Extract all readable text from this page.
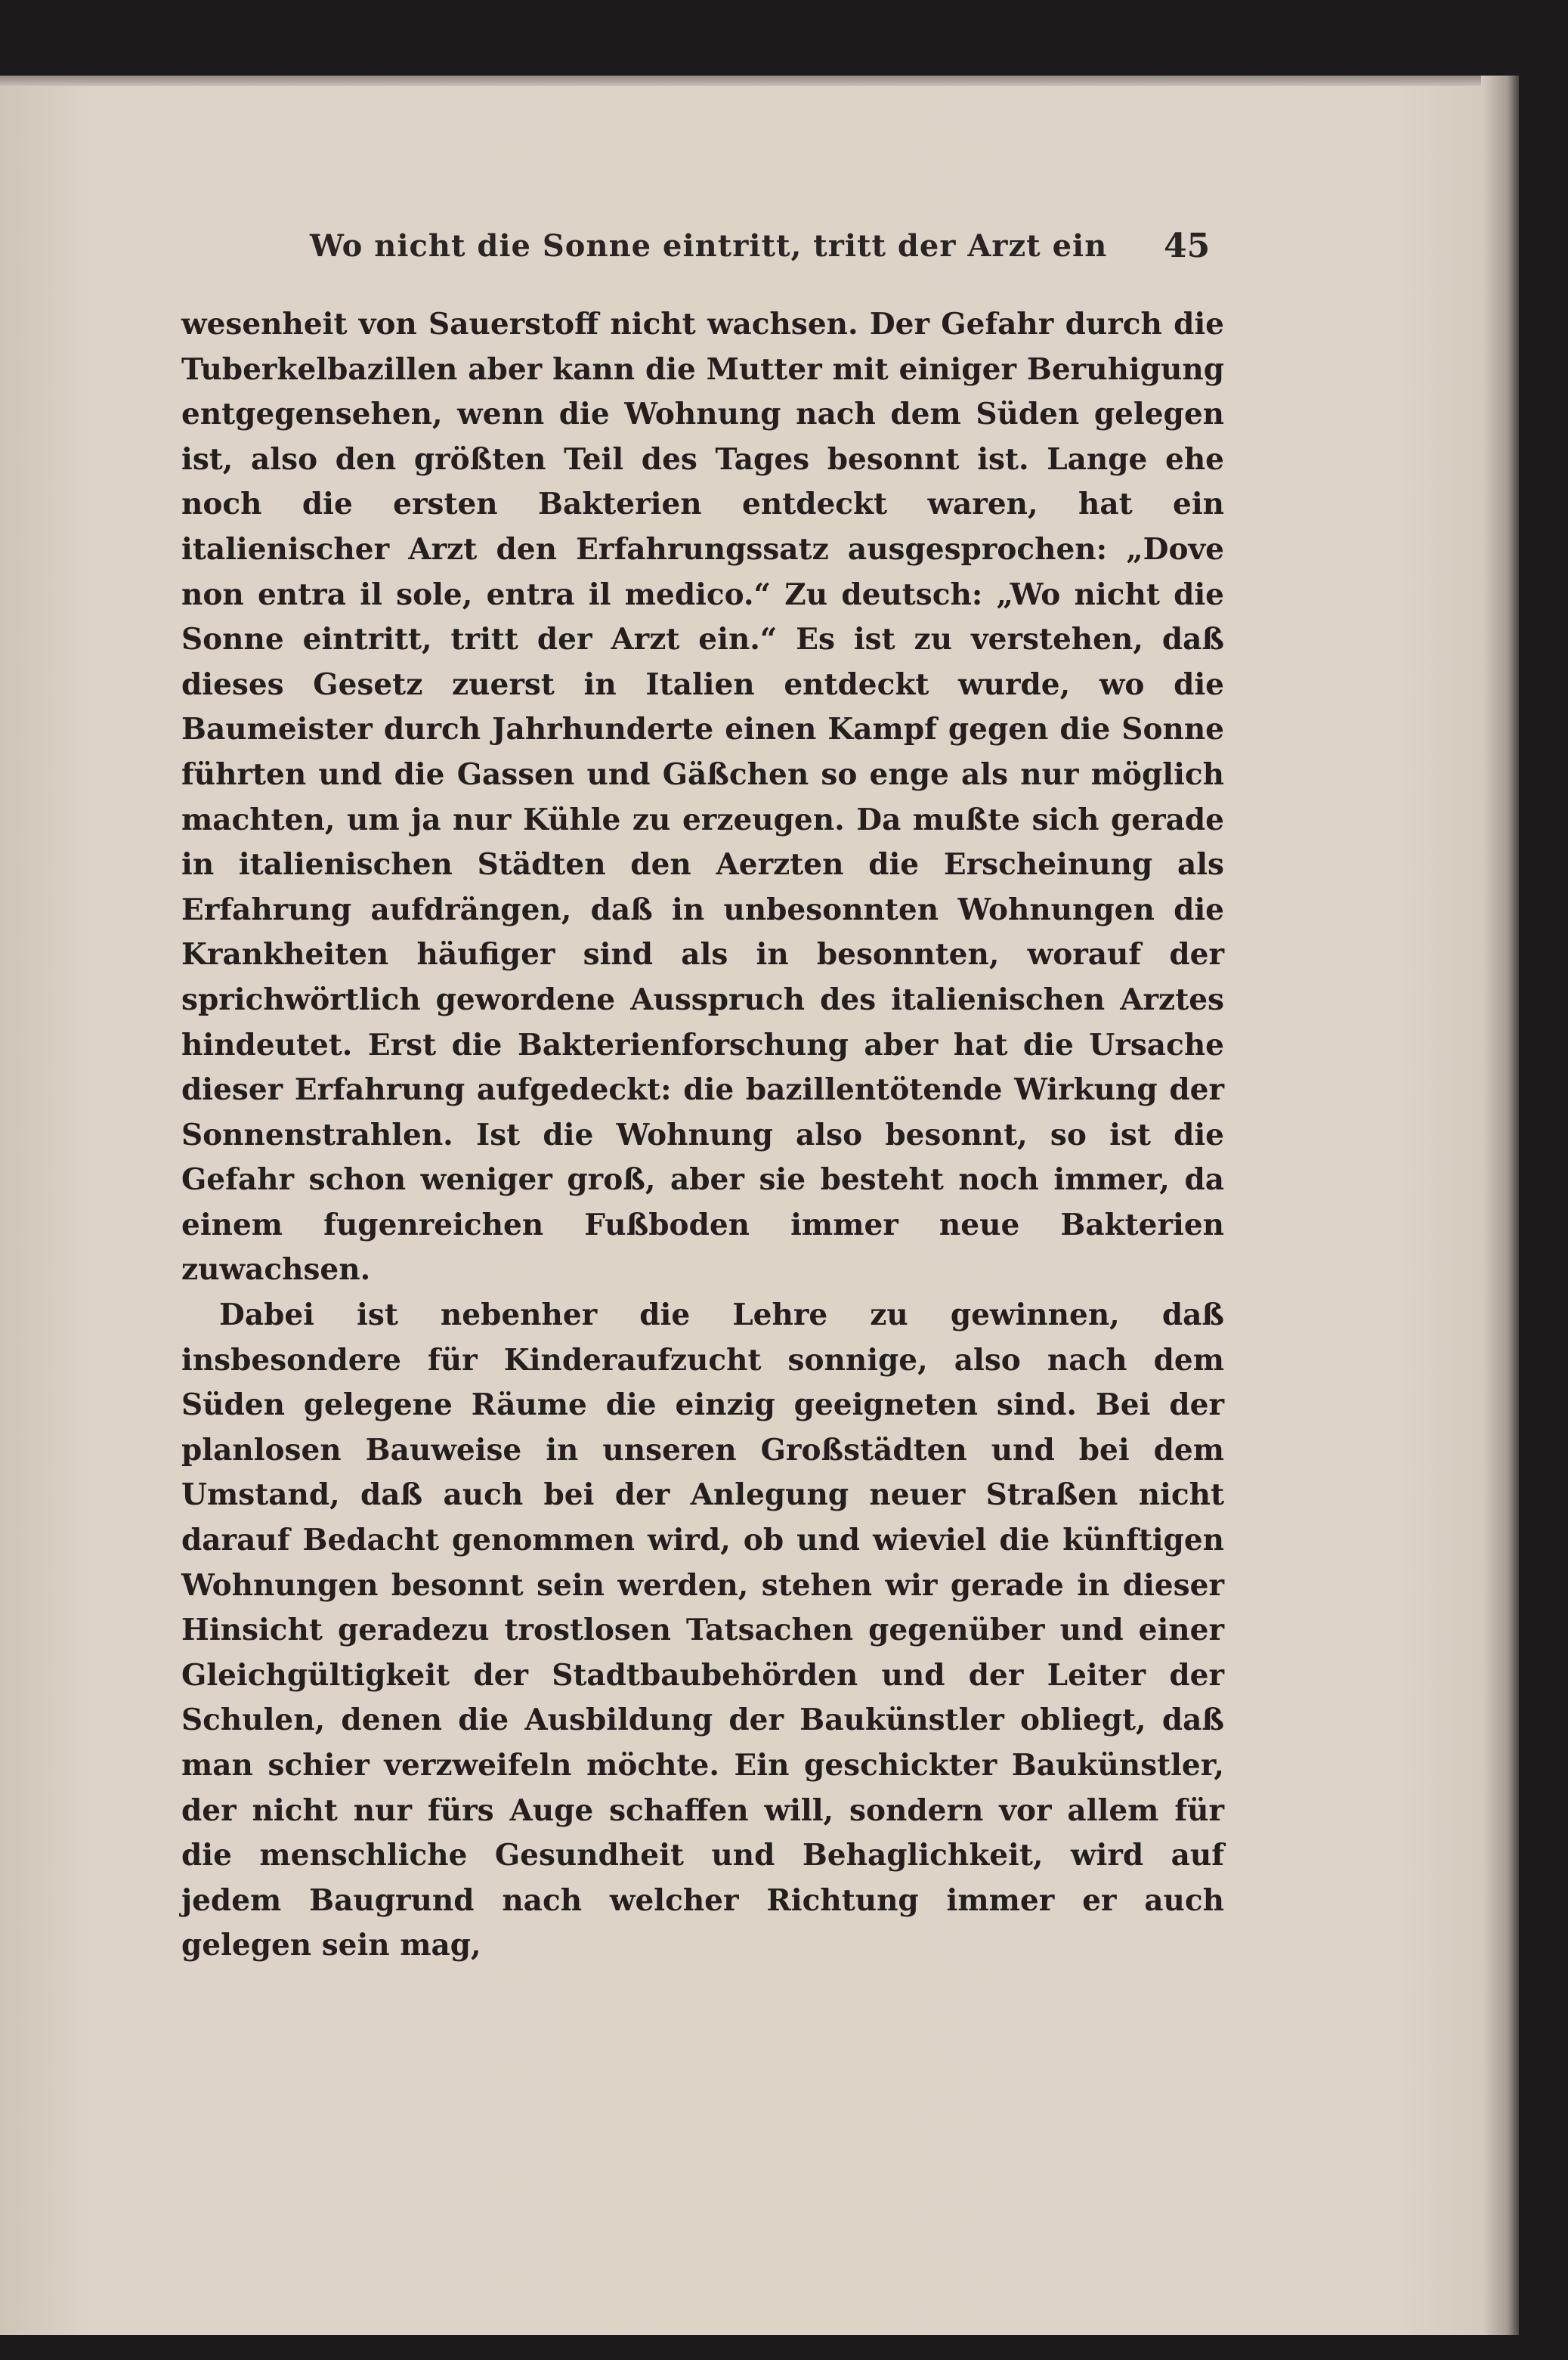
Wo nicht die Sonne eintritt, tritt der Arzt ein 45

wesenheit von Sauerstoff nicht wachsen. Der Gefahr durch die Tuberkelbazillen aber kann die Mutter mit einiger Beruhigung entgegensehen, wenn die Wohnung nach dem Süden gelegen ist, also den größten Teil des Tages besonnt ist. Lange ehe noch die ersten Bakterien entdeckt waren, hat ein italienischer Arzt den Erfahrungssatz ausgesprochen: „Dove non entra il sole, entra il medico.“ Zu deutsch: „Wo nicht die Sonne eintritt, tritt der Arzt ein.“ Es ist zu verstehen, daß dieses Gesetz zuerst in Italien entdeckt wurde, wo die Baumeister durch Jahrhunderte einen Kampf gegen die Sonne führten und die Gassen und Gäßchen so enge als nur möglich machten, um ja nur Kühle zu erzeugen. Da mußte sich gerade in italienischen Städten den Aerzten die Erscheinung als Erfahrung aufdrängen, daß in unbesonnten Wohnungen die Krankheiten häufiger sind als in besonnten, worauf der sprichwörtlich gewordene Ausspruch des italienischen Arztes hindeutet. Erst die Bakterienforschung aber hat die Ursache dieser Erfahrung aufgedeckt: die bazillentötende Wirkung der Sonnenstrahlen. Ist die Wohnung also besonnt, so ist die Gefahr schon weniger groß, aber sie besteht noch immer, da einem fugenreichen Fußboden immer neue Bakterien zuwachsen.

Dabei ist nebenher die Lehre zu gewinnen, daß insbesondere für Kinderaufzucht sonnige, also nach dem Süden gelegene Räume die einzig geeigneten sind. Bei der planlosen Bauweise in unseren Großstädten und bei dem Umstand, daß auch bei der Anlegung neuer Straßen nicht darauf Bedacht genommen wird, ob und wieviel die künftigen Wohnungen besonnt sein werden, stehen wir gerade in dieser Hinsicht geradezu trostlosen Tatsachen gegenüber und einer Gleichgültigkeit der Stadtbaubehörden und der Leiter der Schulen, denen die Ausbildung der Baukünstler obliegt, daß man schier verzweifeln möchte. Ein geschickter Baukünstler, der nicht nur fürs Auge schaffen will, sondern vor allem für die menschliche Gesundheit und Behaglichkeit, wird auf jedem Baugrund nach welcher Richtung immer er auch gelegen sein mag,
